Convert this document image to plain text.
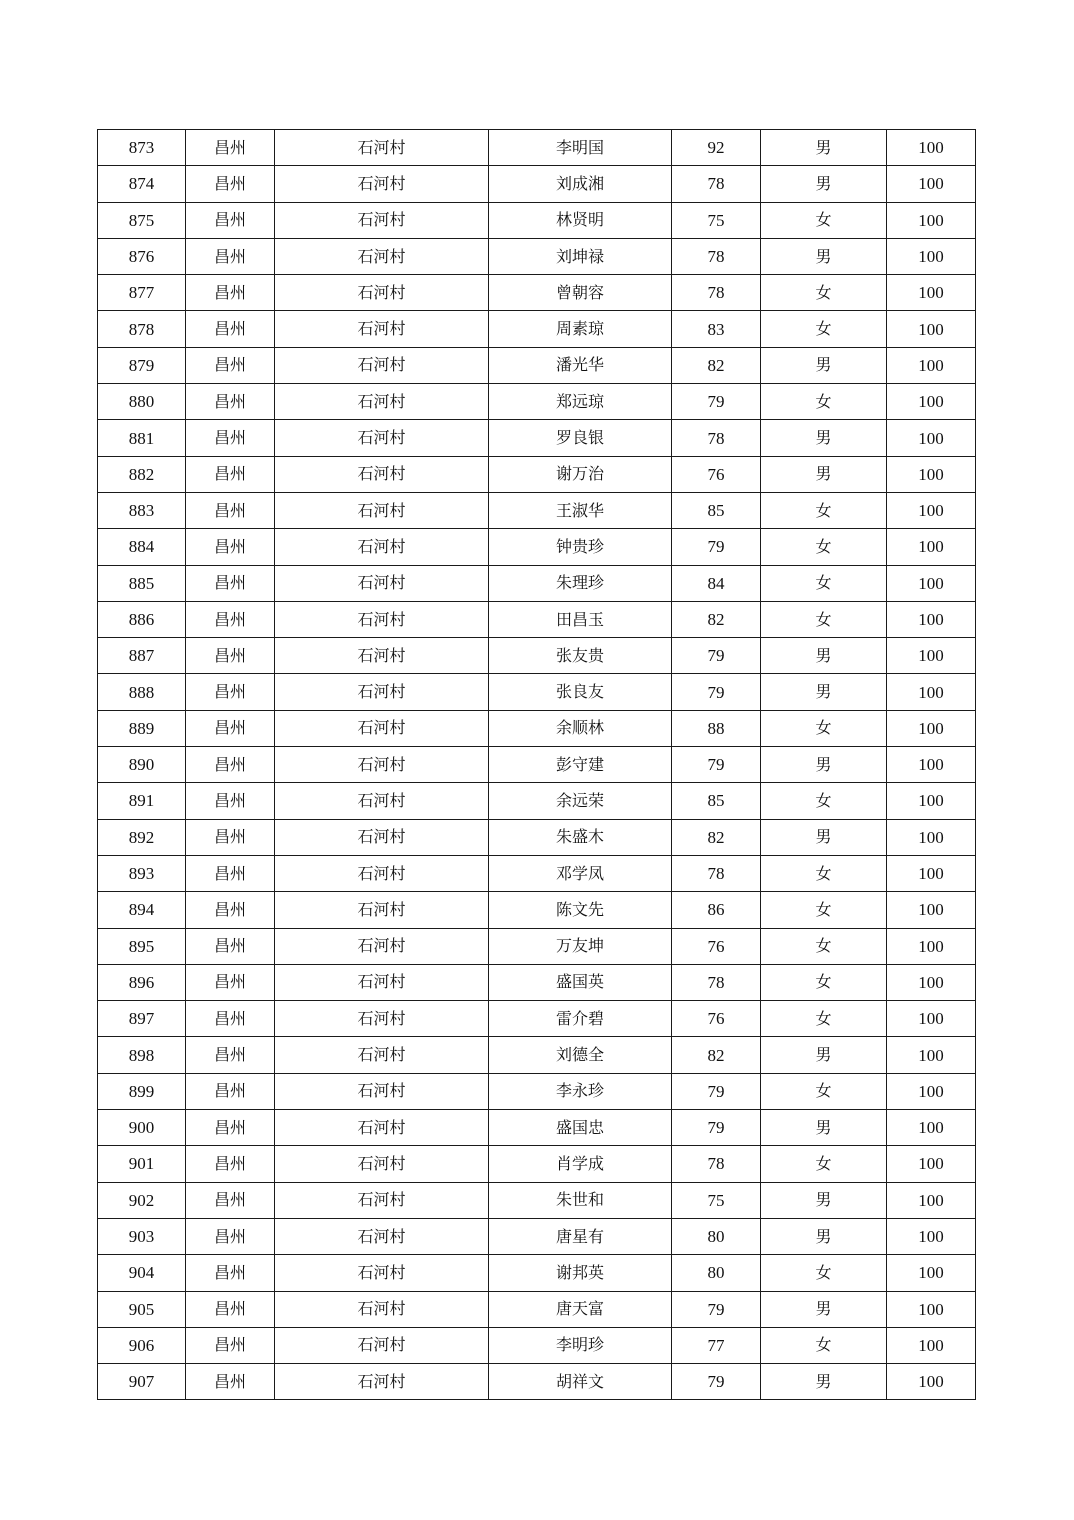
873	昌州	石河村	李明国	92	男	100
874	昌州	石河村	刘成湘	78	男	100
875	昌州	石河村	林贤明	75	女	100
876	昌州	石河村	刘坤禄	78	男	100
877	昌州	石河村	曾朝容	78	女	100
878	昌州	石河村	周素琼	83	女	100
879	昌州	石河村	潘光华	82	男	100
880	昌州	石河村	郑远琼	79	女	100
881	昌州	石河村	罗良银	78	男	100
882	昌州	石河村	谢万治	76	男	100
883	昌州	石河村	王淑华	85	女	100
884	昌州	石河村	钟贵珍	79	女	100
885	昌州	石河村	朱理珍	84	女	100
886	昌州	石河村	田昌玉	82	女	100
887	昌州	石河村	张友贵	79	男	100
888	昌州	石河村	张良友	79	男	100
889	昌州	石河村	余顺林	88	女	100
890	昌州	石河村	彭守建	79	男	100
891	昌州	石河村	余远荣	85	女	100
892	昌州	石河村	朱盛木	82	男	100
893	昌州	石河村	邓学凤	78	女	100
894	昌州	石河村	陈文先	86	女	100
895	昌州	石河村	万友坤	76	女	100
896	昌州	石河村	盛国英	78	女	100
897	昌州	石河村	雷介碧	76	女	100
898	昌州	石河村	刘德全	82	男	100
899	昌州	石河村	李永珍	79	女	100
900	昌州	石河村	盛国忠	79	男	100
901	昌州	石河村	肖学成	78	女	100
902	昌州	石河村	朱世和	75	男	100
903	昌州	石河村	唐星有	80	男	100
904	昌州	石河村	谢邦英	80	女	100
905	昌州	石河村	唐天富	79	男	100
906	昌州	石河村	李明珍	77	女	100
907	昌州	石河村	胡祥文	79	男	100
